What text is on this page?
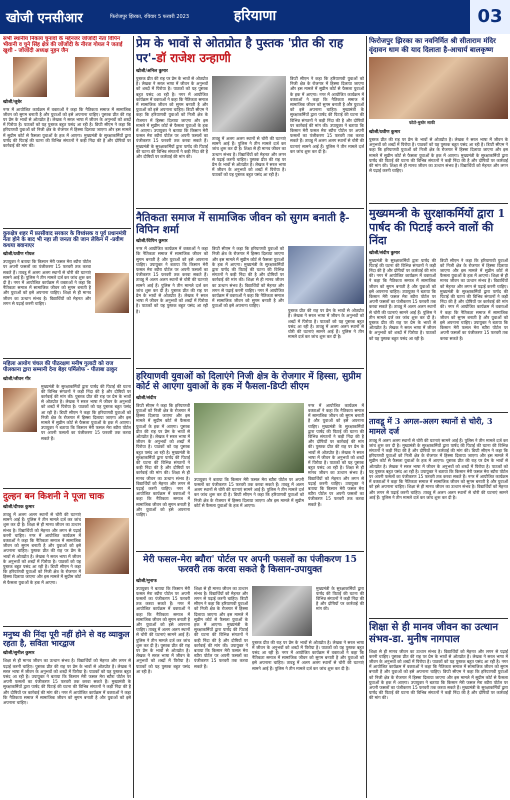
खोजी एनसीआर	फिरोजपुर झिरका, रविवार 5 फरवरी 2023	हरियाणा	03
सभी स्थानीय निकाय चुनावों के मद्देनजर जोंजोंदी नेता विपिन भीवानी व चुने सिंह क्षेत्र की जोंजोंदी के नीरज गोयल ने जताई खुशी - जोंजोंदी अध्यक्ष नूहन जैन
खोजी/जुबेर
नगर में आयोजित कार्यक्रम में वक्ताओं ने कहा कि नैतिकता समाज में सामाजिक जीवन को सुगम बनाती है और युवाओं को इसे अपनाना चाहिए। पुस्तक प्रीत की राह पर प्रेम के भावों से ओतप्रोत है। लेखक ने सरल भाषा में जीवन के अनुभवों को शब्दों में पिरोया है। पाठकों को यह पुस्तक बहुत पसंद आ रही है। डिप्टी सीएम ने कहा कि हरियाणवी युवाओं को निजी क्षेत्र के रोजगार में हिस्सा दिलाया जाएगा और इस मामले में सुप्रीम कोर्ट से फैसला युवाओं के हक में आएगा। मुख्यमंत्री के सुरक्षाकर्मियों द्वारा पार्षद की पिटाई की घटना की विभिन्न संगठनों ने कड़ी निंदा की है और दोषियों पर कार्रवाई की मांग की।
कुरुक्षेत्र शहर में फ़ासीवाद सरकार के विध्वंसक व पूर्व प्रधानमंत्री नेता होने के बाद भी नहा ली जनता की जान लेकिन में -प्रवीण कथया बवानाएर
खोजी/प्रवीण गोयल
उपायुक्त ने बताया कि किसान मेरी फसल मेरा ब्यौरा पोर्टल पर अपनी फसलों का पंजीकरण 15 फरवरी तक करवा सकते हैं। तावडू में अलग अलग स्थानों से चोरी की घटनाएं सामने आई हैं। पुलिस ने तीन मामले दर्ज कर जांच शुरू कर दी है। नगर में आयोजित कार्यक्रम में वक्ताओं ने कहा कि नैतिकता समाज में सामाजिक जीवन को सुगम बनाती है और युवाओं को इसे अपनाना चाहिए। शिक्षा से ही मानव जीवन का उत्थान संभव है। विद्यार्थियों को मेहनत और लगन से पढ़ाई करनी चाहिए।
महिला आयोग चंचल की पीठरक्षण मनीष गुलाटी को राज पीलकाना द्वारा सम्मानी देना बेहर पर्मिलोफ - पीताबा ठाकुर
खोजी/जीवन गीर
मुख्यमंत्री के सुरक्षाकर्मियों द्वारा पार्षद की पिटाई की घटना की विभिन्न संगठनों ने कड़ी निंदा की है और दोषियों पर कार्रवाई की मांग की। पुस्तक प्रीत की राह पर प्रेम के भावों से ओतप्रोत है। लेखक ने सरल भाषा में जीवन के अनुभवों को शब्दों में पिरोया है। पाठकों को यह पुस्तक बहुत पसंद आ रही है। डिप्टी सीएम ने कहा कि हरियाणवी युवाओं को निजी क्षेत्र के रोजगार में हिस्सा दिलाया जाएगा और इस मामले में सुप्रीम कोर्ट से फैसला युवाओं के हक में आएगा। उपायुक्त ने बताया कि किसान मेरी फसल मेरा ब्यौरा पोर्टल पर अपनी फसलों का पंजीकरण 15 फरवरी तक करवा सकते हैं।
दुल्हन बन किशनी ने पूजा चाक
खोजी/दीपक कुमार
तावडू में अलग अलग स्थानों से चोरी की घटनाएं सामने आई हैं। पुलिस ने तीन मामले दर्ज कर जांच शुरू कर दी है। शिक्षा से ही मानव जीवन का उत्थान संभव है। विद्यार्थियों को मेहनत और लगन से पढ़ाई करनी चाहिए। नगर में आयोजित कार्यक्रम में वक्ताओं ने कहा कि नैतिकता समाज में सामाजिक जीवन को सुगम बनाती है और युवाओं को इसे अपनाना चाहिए। पुस्तक प्रीत की राह पर प्रेम के भावों से ओतप्रोत है। लेखक ने सरल भाषा में जीवन के अनुभवों को शब्दों में पिरोया है। पाठकों को यह पुस्तक बहुत पसंद आ रही है। डिप्टी सीएम ने कहा कि हरियाणवी युवाओं को निजी क्षेत्र के रोजगार में हिस्सा दिलाया जाएगा और इस मामले में सुप्रीम कोर्ट से फैसला युवाओं के हक में आएगा।
मनुष्य की निंदा पूरी नहीं होने से वह व्याकुल रहता है, सविता भारद्वाज
खोजी/सुनील कुमार
शिक्षा से ही मानव जीवन का उत्थान संभव है। विद्यार्थियों को मेहनत और लगन से पढ़ाई करनी चाहिए। पुस्तक प्रीत की राह पर प्रेम के भावों से ओतप्रोत है। लेखक ने सरल भाषा में जीवन के अनुभवों को शब्दों में पिरोया है। पाठकों को यह पुस्तक बहुत पसंद आ रही है। उपायुक्त ने बताया कि किसान मेरी फसल मेरा ब्यौरा पोर्टल पर अपनी फसलों का पंजीकरण 15 फरवरी तक करवा सकते हैं। मुख्यमंत्री के सुरक्षाकर्मियों द्वारा पार्षद की पिटाई की घटना की विभिन्न संगठनों ने कड़ी निंदा की है और दोषियों पर कार्रवाई की मांग की। नगर में आयोजित कार्यक्रम में वक्ताओं ने कहा कि नैतिकता समाज में सामाजिक जीवन को सुगम बनाती है और युवाओं को इसे अपनाना चाहिए।
प्रेम के भावों से ओतप्रोत है पुस्तक 'प्रीत की राह पर'-डॉ राजेश उन्हाणी
खोजी/अनिल कुमार
पुस्तक प्रीत की राह पर प्रेम के भावों से ओतप्रोत है। लेखक ने सरल भाषा में जीवन के अनुभवों को शब्दों में पिरोया है। पाठकों को यह पुस्तक बहुत पसंद आ रही है। नगर में आयोजित कार्यक्रम में वक्ताओं ने कहा कि नैतिकता समाज में सामाजिक जीवन को सुगम बनाती है और युवाओं को इसे अपनाना चाहिए। डिप्टी सीएम ने कहा कि हरियाणवी युवाओं को निजी क्षेत्र के रोजगार में हिस्सा दिलाया जाएगा और इस मामले में सुप्रीम कोर्ट से फैसला युवाओं के हक में आएगा। उपायुक्त ने बताया कि किसान मेरी फसल मेरा ब्यौरा पोर्टल पर अपनी फसलों का पंजीकरण 15 फरवरी तक करवा सकते हैं। मुख्यमंत्री के सुरक्षाकर्मियों द्वारा पार्षद की पिटाई की घटना की विभिन्न संगठनों ने कड़ी निंदा की है और दोषियों पर कार्रवाई की मांग की।
तावडू में अलग अलग स्थानों से चोरी की घटनाएं सामने आई हैं। पुलिस ने तीन मामले दर्ज कर जांच शुरू कर दी है। शिक्षा से ही मानव जीवन का उत्थान संभव है। विद्यार्थियों को मेहनत और लगन से पढ़ाई करनी चाहिए। पुस्तक प्रीत की राह पर प्रेम के भावों से ओतप्रोत है। लेखक ने सरल भाषा में जीवन के अनुभवों को शब्दों में पिरोया है। पाठकों को यह पुस्तक बहुत पसंद आ रही है।
डिप्टी सीएम ने कहा कि हरियाणवी युवाओं को निजी क्षेत्र के रोजगार में हिस्सा दिलाया जाएगा और इस मामले में सुप्रीम कोर्ट से फैसला युवाओं के हक में आएगा। नगर में आयोजित कार्यक्रम में वक्ताओं ने कहा कि नैतिकता समाज में सामाजिक जीवन को सुगम बनाती है और युवाओं को इसे अपनाना चाहिए। मुख्यमंत्री के सुरक्षाकर्मियों द्वारा पार्षद की पिटाई की घटना की विभिन्न संगठनों ने कड़ी निंदा की है और दोषियों पर कार्रवाई की मांग की। उपायुक्त ने बताया कि किसान मेरी फसल मेरा ब्यौरा पोर्टल पर अपनी फसलों का पंजीकरण 15 फरवरी तक करवा सकते हैं। तावडू में अलग अलग स्थानों से चोरी की घटनाएं सामने आई हैं। पुलिस ने तीन मामले दर्ज कर जांच शुरू कर दी है।
नैतिकता समाज में सामाजिक जीवन को सुगम बनाती है-विपिन शर्मा
खोजी/विपिन कुमार
नगर में आयोजित कार्यक्रम में वक्ताओं ने कहा कि नैतिकता समाज में सामाजिक जीवन को सुगम बनाती है और युवाओं को इसे अपनाना चाहिए। उपायुक्त ने बताया कि किसान मेरी फसल मेरा ब्यौरा पोर्टल पर अपनी फसलों का पंजीकरण 15 फरवरी तक करवा सकते हैं। तावडू में अलग अलग स्थानों से चोरी की घटनाएं सामने आई हैं। पुलिस ने तीन मामले दर्ज कर जांच शुरू कर दी है। पुस्तक प्रीत की राह पर प्रेम के भावों से ओतप्रोत है। लेखक ने सरल भाषा में जीवन के अनुभवों को शब्दों में पिरोया है। पाठकों को यह पुस्तक बहुत पसंद आ रही है।
डिप्टी सीएम ने कहा कि हरियाणवी युवाओं को निजी क्षेत्र के रोजगार में हिस्सा दिलाया जाएगा और इस मामले में सुप्रीम कोर्ट से फैसला युवाओं के हक में आएगा। मुख्यमंत्री के सुरक्षाकर्मियों द्वारा पार्षद की पिटाई की घटना की विभिन्न संगठनों ने कड़ी निंदा की है और दोषियों पर कार्रवाई की मांग की। शिक्षा से ही मानव जीवन का उत्थान संभव है। विद्यार्थियों को मेहनत और लगन से पढ़ाई करनी चाहिए। नगर में आयोजित कार्यक्रम में वक्ताओं ने कहा कि नैतिकता समाज में सामाजिक जीवन को सुगम बनाती है और युवाओं को इसे अपनाना चाहिए।
पुस्तक प्रीत की राह पर प्रेम के भावों से ओतप्रोत है। लेखक ने सरल भाषा में जीवन के अनुभवों को शब्दों में पिरोया है। पाठकों को यह पुस्तक बहुत पसंद आ रही है। तावडू में अलग अलग स्थानों से चोरी की घटनाएं सामने आई हैं। पुलिस ने तीन मामले दर्ज कर जांच शुरू कर दी है।
हरियाणवी युवाओं को दिलाएंगे निजी क्षेत्र के रोजगार में हिस्सा, सुप्रीम कोर्ट से आएगा युवाओं के हक में फैसला-डिप्टी सीएम
खोजी/संदीप
डिप्टी सीएम ने कहा कि हरियाणवी युवाओं को निजी क्षेत्र के रोजगार में हिस्सा दिलाया जाएगा और इस मामले में सुप्रीम कोर्ट से फैसला युवाओं के हक में आएगा। पुस्तक प्रीत की राह पर प्रेम के भावों से ओतप्रोत है। लेखक ने सरल भाषा में जीवन के अनुभवों को शब्दों में पिरोया है। पाठकों को यह पुस्तक बहुत पसंद आ रही है। मुख्यमंत्री के सुरक्षाकर्मियों द्वारा पार्षद की पिटाई की घटना की विभिन्न संगठनों ने कड़ी निंदा की है और दोषियों पर कार्रवाई की मांग की। शिक्षा से ही मानव जीवन का उत्थान संभव है। विद्यार्थियों को मेहनत और लगन से पढ़ाई करनी चाहिए। नगर में आयोजित कार्यक्रम में वक्ताओं ने कहा कि नैतिकता समाज में सामाजिक जीवन को सुगम बनाती है और युवाओं को इसे अपनाना चाहिए।
उपायुक्त ने बताया कि किसान मेरी फसल मेरा ब्यौरा पोर्टल पर अपनी फसलों का पंजीकरण 15 फरवरी तक करवा सकते हैं। तावडू में अलग अलग स्थानों से चोरी की घटनाएं सामने आई हैं। पुलिस ने तीन मामले दर्ज कर जांच शुरू कर दी है। डिप्टी सीएम ने कहा कि हरियाणवी युवाओं को निजी क्षेत्र के रोजगार में हिस्सा दिलाया जाएगा और इस मामले में सुप्रीम कोर्ट से फैसला युवाओं के हक में आएगा।
नगर में आयोजित कार्यक्रम में वक्ताओं ने कहा कि नैतिकता समाज में सामाजिक जीवन को सुगम बनाती है और युवाओं को इसे अपनाना चाहिए। मुख्यमंत्री के सुरक्षाकर्मियों द्वारा पार्षद की पिटाई की घटना की विभिन्न संगठनों ने कड़ी निंदा की है और दोषियों पर कार्रवाई की मांग की। पुस्तक प्रीत की राह पर प्रेम के भावों से ओतप्रोत है। लेखक ने सरल भाषा में जीवन के अनुभवों को शब्दों में पिरोया है। पाठकों को यह पुस्तक बहुत पसंद आ रही है। शिक्षा से ही मानव जीवन का उत्थान संभव है। विद्यार्थियों को मेहनत और लगन से पढ़ाई करनी चाहिए। उपायुक्त ने बताया कि किसान मेरी फसल मेरा ब्यौरा पोर्टल पर अपनी फसलों का पंजीकरण 15 फरवरी तक करवा सकते हैं।
मेरी फसल-मेरा ब्यौरा' पोर्टल पर अपनी फसलों का पंजीकरण 15 फरवरी तक करवा सकते है किसान-उपायुक्त
खोजी/मुनाफ
उपायुक्त ने बताया कि किसान मेरी फसल मेरा ब्यौरा पोर्टल पर अपनी फसलों का पंजीकरण 15 फरवरी तक करवा सकते हैं। नगर में आयोजित कार्यक्रम में वक्ताओं ने कहा कि नैतिकता समाज में सामाजिक जीवन को सुगम बनाती है और युवाओं को इसे अपनाना चाहिए। तावडू में अलग अलग स्थानों से चोरी की घटनाएं सामने आई हैं। पुलिस ने तीन मामले दर्ज कर जांच शुरू कर दी है। पुस्तक प्रीत की राह पर प्रेम के भावों से ओतप्रोत है। लेखक ने सरल भाषा में जीवन के अनुभवों को शब्दों में पिरोया है। पाठकों को यह पुस्तक बहुत पसंद आ रही है।
शिक्षा से ही मानव जीवन का उत्थान संभव है। विद्यार्थियों को मेहनत और लगन से पढ़ाई करनी चाहिए। डिप्टी सीएम ने कहा कि हरियाणवी युवाओं को निजी क्षेत्र के रोजगार में हिस्सा दिलाया जाएगा और इस मामले में सुप्रीम कोर्ट से फैसला युवाओं के हक में आएगा। मुख्यमंत्री के सुरक्षाकर्मियों द्वारा पार्षद की पिटाई की घटना की विभिन्न संगठनों ने कड़ी निंदा की है और दोषियों पर कार्रवाई की मांग की। उपायुक्त ने बताया कि किसान मेरी फसल मेरा ब्यौरा पोर्टल पर अपनी फसलों का पंजीकरण 15 फरवरी तक करवा सकते हैं।
पुस्तक प्रीत की राह पर प्रेम के भावों से ओतप्रोत है। लेखक ने सरल भाषा में जीवन के अनुभवों को शब्दों में पिरोया है। पाठकों को यह पुस्तक बहुत पसंद आ रही है। नगर में आयोजित कार्यक्रम में वक्ताओं ने कहा कि नैतिकता समाज में सामाजिक जीवन को सुगम बनाती है और युवाओं को इसे अपनाना चाहिए। तावडू में अलग अलग स्थानों से चोरी की घटनाएं सामने आई हैं। पुलिस ने तीन मामले दर्ज कर जांच शुरू कर दी है।
मुख्यमंत्री के सुरक्षाकर्मियों द्वारा पार्षद की पिटाई की घटना की विभिन्न संगठनों ने कड़ी निंदा की है और दोषियों पर कार्रवाई की मांग की।
फिरोजपुर झिरका का नवनिर्मित श्री सीताराम मंदिर वृंदावन धाम की याद दिलाता है-आचार्य बालकृष्ण
फोटो-मुस्तेर साफी
खोजी/प्रवीण कुमार
पुस्तक प्रीत की राह पर प्रेम के भावों से ओतप्रोत है। लेखक ने सरल भाषा में जीवन के अनुभवों को शब्दों में पिरोया है। पाठकों को यह पुस्तक बहुत पसंद आ रही है। डिप्टी सीएम ने कहा कि हरियाणवी युवाओं को निजी क्षेत्र के रोजगार में हिस्सा दिलाया जाएगा और इस मामले में सुप्रीम कोर्ट से फैसला युवाओं के हक में आएगा। मुख्यमंत्री के सुरक्षाकर्मियों द्वारा पार्षद की पिटाई की घटना की विभिन्न संगठनों ने कड़ी निंदा की है और दोषियों पर कार्रवाई की मांग की। शिक्षा से ही मानव जीवन का उत्थान संभव है। विद्यार्थियों को मेहनत और लगन से पढ़ाई करनी चाहिए।
मुख्यमन्त्री के सुरक्षाकर्मियों द्वारा 1 पार्षद की पिटाई करने वालों की निंदा
खोजी/संदीप कुमार
मुख्यमंत्री के सुरक्षाकर्मियों द्वारा पार्षद की पिटाई की घटना की विभिन्न संगठनों ने कड़ी निंदा की है और दोषियों पर कार्रवाई की मांग की। नगर में आयोजित कार्यक्रम में वक्ताओं ने कहा कि नैतिकता समाज में सामाजिक जीवन को सुगम बनाती है और युवाओं को इसे अपनाना चाहिए। उपायुक्त ने बताया कि किसान मेरी फसल मेरा ब्यौरा पोर्टल पर अपनी फसलों का पंजीकरण 15 फरवरी तक करवा सकते हैं। तावडू में अलग अलग स्थानों से चोरी की घटनाएं सामने आई हैं। पुलिस ने तीन मामले दर्ज कर जांच शुरू कर दी है। पुस्तक प्रीत की राह पर प्रेम के भावों से ओतप्रोत है। लेखक ने सरल भाषा में जीवन के अनुभवों को शब्दों में पिरोया है। पाठकों को यह पुस्तक बहुत पसंद आ रही है।
डिप्टी सीएम ने कहा कि हरियाणवी युवाओं को निजी क्षेत्र के रोजगार में हिस्सा दिलाया जाएगा और इस मामले में सुप्रीम कोर्ट से फैसला युवाओं के हक में आएगा। शिक्षा से ही मानव जीवन का उत्थान संभव है। विद्यार्थियों को मेहनत और लगन से पढ़ाई करनी चाहिए। मुख्यमंत्री के सुरक्षाकर्मियों द्वारा पार्षद की पिटाई की घटना की विभिन्न संगठनों ने कड़ी निंदा की है और दोषियों पर कार्रवाई की मांग की। नगर में आयोजित कार्यक्रम में वक्ताओं ने कहा कि नैतिकता समाज में सामाजिक जीवन को सुगम बनाती है और युवाओं को इसे अपनाना चाहिए। उपायुक्त ने बताया कि किसान मेरी फसल मेरा ब्यौरा पोर्टल पर अपनी फसलों का पंजीकरण 15 फरवरी तक करवा सकते हैं।
तावडू में 3 अगल-अलग स्थानों से चोरी, 3 मामले दर्ज
तावडू में अलग अलग स्थानों से चोरी की घटनाएं सामने आई हैं। पुलिस ने तीन मामले दर्ज कर जांच शुरू कर दी है। मुख्यमंत्री के सुरक्षाकर्मियों द्वारा पार्षद की पिटाई की घटना की विभिन्न संगठनों ने कड़ी निंदा की है और दोषियों पर कार्रवाई की मांग की। डिप्टी सीएम ने कहा कि हरियाणवी युवाओं को निजी क्षेत्र के रोजगार में हिस्सा दिलाया जाएगा और इस मामले में सुप्रीम कोर्ट से फैसला युवाओं के हक में आएगा। पुस्तक प्रीत की राह पर प्रेम के भावों से ओतप्रोत है। लेखक ने सरल भाषा में जीवन के अनुभवों को शब्दों में पिरोया है। पाठकों को यह पुस्तक बहुत पसंद आ रही है। उपायुक्त ने बताया कि किसान मेरी फसल मेरा ब्यौरा पोर्टल पर अपनी फसलों का पंजीकरण 15 फरवरी तक करवा सकते हैं। नगर में आयोजित कार्यक्रम में वक्ताओं ने कहा कि नैतिकता समाज में सामाजिक जीवन को सुगम बनाती है और युवाओं को इसे अपनाना चाहिए। शिक्षा से ही मानव जीवन का उत्थान संभव है। विद्यार्थियों को मेहनत और लगन से पढ़ाई करनी चाहिए। तावडू में अलग अलग स्थानों से चोरी की घटनाएं सामने आई हैं। पुलिस ने तीन मामले दर्ज कर जांच शुरू कर दी है।
शिक्षा से ही मानव जीवन का उत्थान संभव-डा. मुनीष नागपाल
शिक्षा से ही मानव जीवन का उत्थान संभव है। विद्यार्थियों को मेहनत और लगन से पढ़ाई करनी चाहिए। पुस्तक प्रीत की राह पर प्रेम के भावों से ओतप्रोत है। लेखक ने सरल भाषा में जीवन के अनुभवों को शब्दों में पिरोया है। पाठकों को यह पुस्तक बहुत पसंद आ रही है। नगर में आयोजित कार्यक्रम में वक्ताओं ने कहा कि नैतिकता समाज में सामाजिक जीवन को सुगम बनाती है और युवाओं को इसे अपनाना चाहिए। डिप्टी सीएम ने कहा कि हरियाणवी युवाओं को निजी क्षेत्र के रोजगार में हिस्सा दिलाया जाएगा और इस मामले में सुप्रीम कोर्ट से फैसला युवाओं के हक में आएगा। उपायुक्त ने बताया कि किसान मेरी फसल मेरा ब्यौरा पोर्टल पर अपनी फसलों का पंजीकरण 15 फरवरी तक करवा सकते हैं। मुख्यमंत्री के सुरक्षाकर्मियों द्वारा पार्षद की पिटाई की घटना की विभिन्न संगठनों ने कड़ी निंदा की है और दोषियों पर कार्रवाई की मांग की।
